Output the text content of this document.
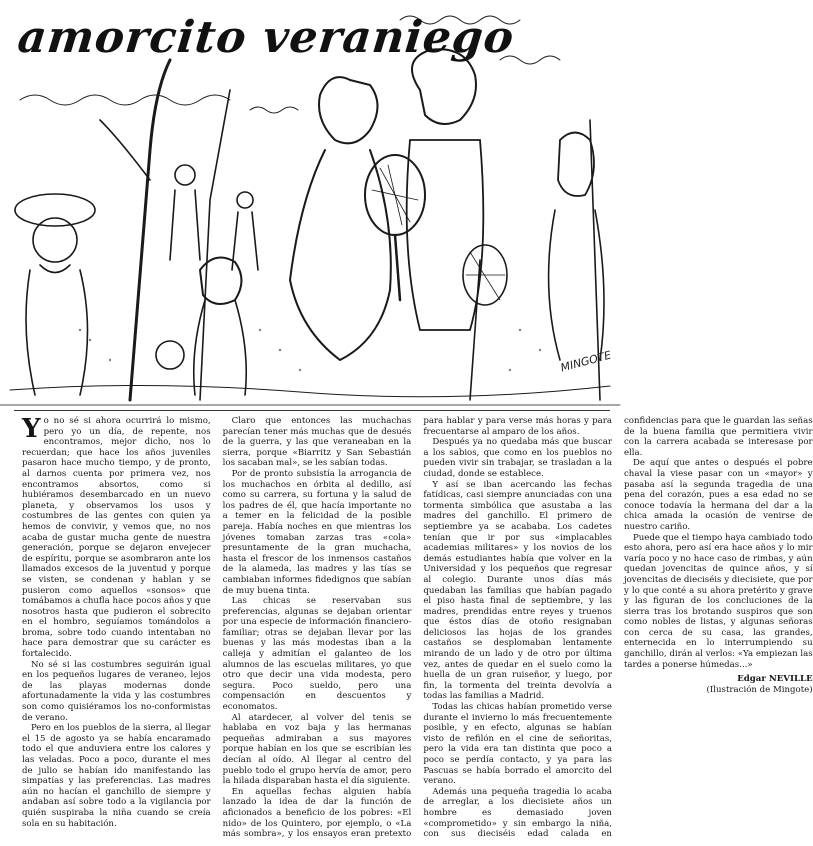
amorcito veraniego
MINGOTE

Yo no sé si ahora ocurrirá lo mismo, pero yo un día, de repente, nos encontramos, mejor dicho, nos lo recuerdan; que hace los años juveniles pasaron hace mucho tiempo, y de pronto, al darnos cuenta por primera vez, nos encontramos absortos, como si hubiéramos desembarcado en un nuevo planeta, y observamos los usos y costumbres de las gentes con quien ya hemos de convivir, y vemos que, no nos acaba de gustar mucha gente de nuestra generación, porque se dejaron envejecer de espíritu, porque se asombraron ante los llamados excesos de la juventud y porque se visten, se condenan y hablan y se pusieron como aquellos «sonsos» que tomábamos a chufla hace pocos años y que nosotros hasta que pudieron el sobrecito en el hombro, seguíamos tomándolos a broma, sobre todo cuando intentaban no hace para demostrar que su carácter es fortalecido.

No sé si las costumbres seguirán igual en los pequeños lugares de veraneo, lejos de las playas modernas donde afortunadamente la vida y las costumbres son como quisiéramos los no-conformistas de verano.

Pero en los pueblos de la sierra, al llegar el 15 de agosto ya se había encaramado todo el que anduviera entre los calores y las veladas. Poco a poco, durante el mes de julio se habían ido manifestando las simpatías y las preferencias. Las madres aún no hacían el ganchillo de siempre y andaban así sobre todo a la vigilancia por quién suspiraba la niña cuando se creía sola en su habitación.

Claro que entonces las muchachas parecían tener más muchas que de desués de la guerra, y las que veraneaban en la sierra, porque «Biarritz y San Sebastián los sacaban mal», se les sabían todas.

Por de pronto subsistía la arrogancia de los muchachos en órbita al dedillo, así como su carrera, su fortuna y la salud de los padres de él, que hacía importante no a temer en la felicidad de la posible pareja. Había noches en que mientras los jóvenes tomaban zarzas tras «cola» presuntamente de la gran muchacha, hasta el frescor de los inmensos castaños de la alameda, las madres y las tías se cambiaban informes fidedignos que sabían de muy buena tinta.

Las chicas se reservaban sus preferencias, algunas se dejaban orientar por una especie de información financiero-familiar; otras se dejaban llevar por las buenas y las más modestas iban a la calleja y admitían el galanteo de los alumnos de las escuelas militares, yo que otro que decir una vida modesta, pero segura. Poco sueldo, pero una compensación en descuentos y economatos.

Al atardecer, al volver del tenis se hablaba en voz baja y las hermanas pequeñas admiraban a sus mayores porque habían en los que se escribían les decían al oído. Al llegar al centro del pueblo todo el grupo hervía de amor, pero la hilada disparaban hasta el día siguiente.

En aquellas fechas alguien había lanzado la idea de dar la función de aficionados a beneficio de los pobres: «El nido» de los Quintero, por ejemplo, o «La más sombra», y los ensayos eran pretexto para hablar y para verse más horas y para frecuentarse al amparo de los años.

Después ya no quedaba más que buscar a los sabios, que como en los pueblos no pueden vivir sin trabajar, se trasladan a la ciudad, donde se establece.

Y así se iban acercando las fechas fatídicas, casi siempre anunciadas con una tormenta simbólica que asustaba a las madres del ganchillo. El primero de septiembre ya se acababa. Los cadetes tenían que ir por sus «implacables academias militares» y los novios de los demás estudiantes había que volver en la Universidad y los pequeños que regresar al colegio. Durante unos días más quedaban las familias que habían pagado el piso hasta final de septiembre, y las madres, prendidas entre reyes y truenos que éstos días de otoño resignaban deliciosos las hojas de los grandes castaños se desplomaban lentamente mirando de un lado y de otro por última vez, antes de quedar en el suelo como la huella de un gran ruiseñor, y luego, por fin, la tormenta del treinta devolvía a todas las familias a Madrid.

Todas las chicas habían prometido verse durante el invierno lo más frecuentemente posible, y en efecto, algunas se habían visto de refilón en el cine de señoritas, pero la vida era tan distinta que poco a poco se perdía contacto, y ya para las Pascuas se había borrado el amorcito del verano.

Además una pequeña tragedia lo acaba de arreglar, a los diecisiete años un hombre es demasiado joven «comprometido» y sin embargo la niña, con sus dieciséis edad calada en confidencias para que le guardan las señas de la buena familia que permitiera vivir con la carrera acabada se interesase por ella.

De aquí que antes o después el pobre chaval la viese pasar con un «mayor» y pasaba así la segunda tragedia de una pena del corazón, pues a esa edad no se conoce todavía la hermana del dar a la chica amada la ocasión de venirse de nuestro cariño.

Puede que el tiempo haya cambiado todo esto ahora, pero así era hace años y lo mir varía poco y no hace caso de rimbas, y aún quedan jovencitas de quince años, y sí jovencitas de dieciséis y diecisiete, que por y lo que conté a su ahora pretérito y grave y las figuran de los concluciones de la sierra tras los brotando suspiros que son como nobles de listas, y algunas señoras con cerca de su casa, las grandes, enternecida en lo interrumpiendo su ganchillo, dirán al verlos: «Ya empiezan las tardes a ponerse húmedas...»

Edgar NEVILLE

(Ilustración de Mingote)
